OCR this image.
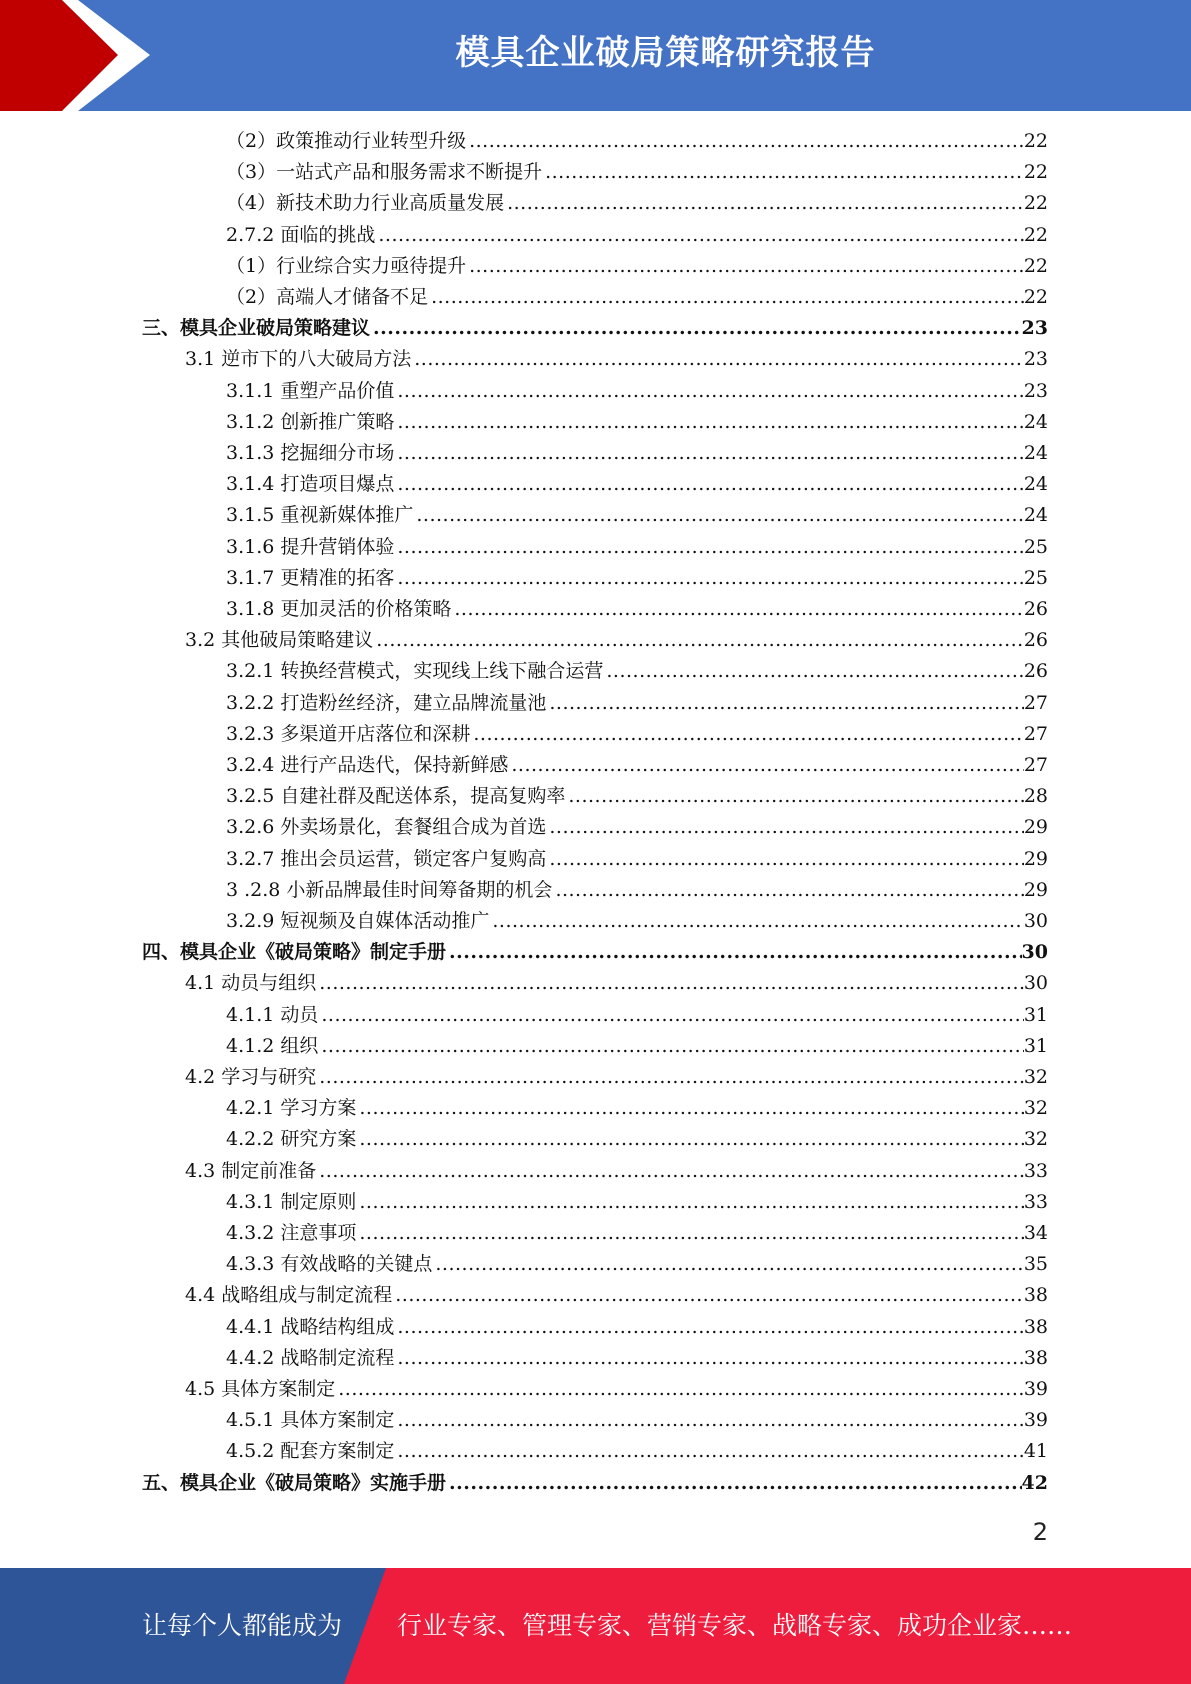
模具企业破局策略研究报告
（2）政策推动行业转型升级 .....	22
（3）一站式产品和服务需求不断提升 .....	22
（4）新技术助力行业高质量发展 .....	22
2.7.2 面临的挑战 .....	22
（1）行业综合实力亟待提升 .....	22
（2）高端人才储备不足 .....	22
三、模具企业破局策略建议 .....	23
3.1 逆市下的八大破局方法 .....	23
3.1.1 重塑产品价值 .....	23
3.1.2 创新推广策略 .....	24
3.1.3 挖掘细分市场 .....	24
3.1.4 打造项目爆点 .....	24
3.1.5 重视新媒体推广 .....	24
3.1.6 提升营销体验 .....	25
3.1.7 更精准的拓客 .....	25
3.1.8 更加灵活的价格策略 .....	26
3.2 其他破局策略建议 .....	26
3.2.1 转换经营模式，实现线上线下融合运营 .....	26
3.2.2 打造粉丝经济，建立品牌流量池 .....	27
3.2.3 多渠道开店落位和深耕 .....	27
3.2.4 进行产品迭代，保持新鲜感 .....	27
3.2.5 自建社群及配送体系，提高复购率 .....	28
3.2.6 外卖场景化，套餐组合成为首选 .....	29
3.2.7 推出会员运营，锁定客户复购高 .....	29
3 .2.8 小新品牌最佳时间筹备期的机会 .....	29
3.2.9 短视频及自媒体活动推广 .....	30
四、模具企业《破局策略》制定手册 .....	30
4.1 动员与组织 .....	30
4.1.1 动员 .....	31
4.1.2 组织 .....	31
4.2 学习与研究 .....	32
4.2.1 学习方案 .....	32
4.2.2 研究方案 .....	32
4.3 制定前准备 .....	33
4.3.1 制定原则 .....	33
4.3.2 注意事项 .....	34
4.3.3 有效战略的关键点 .....	35
4.4 战略组成与制定流程 .....	38
4.4.1 战略结构组成 .....	38
4.4.2 战略制定流程 .....	38
4.5 具体方案制定 .....	39
4.5.1 具体方案制定 .....	39
4.5.2 配套方案制定 .....	41
五、模具企业《破局策略》实施手册 .....	42
2
让每个人都能成为 行业专家、管理专家、营销专家、战略专家、成功企业家……
